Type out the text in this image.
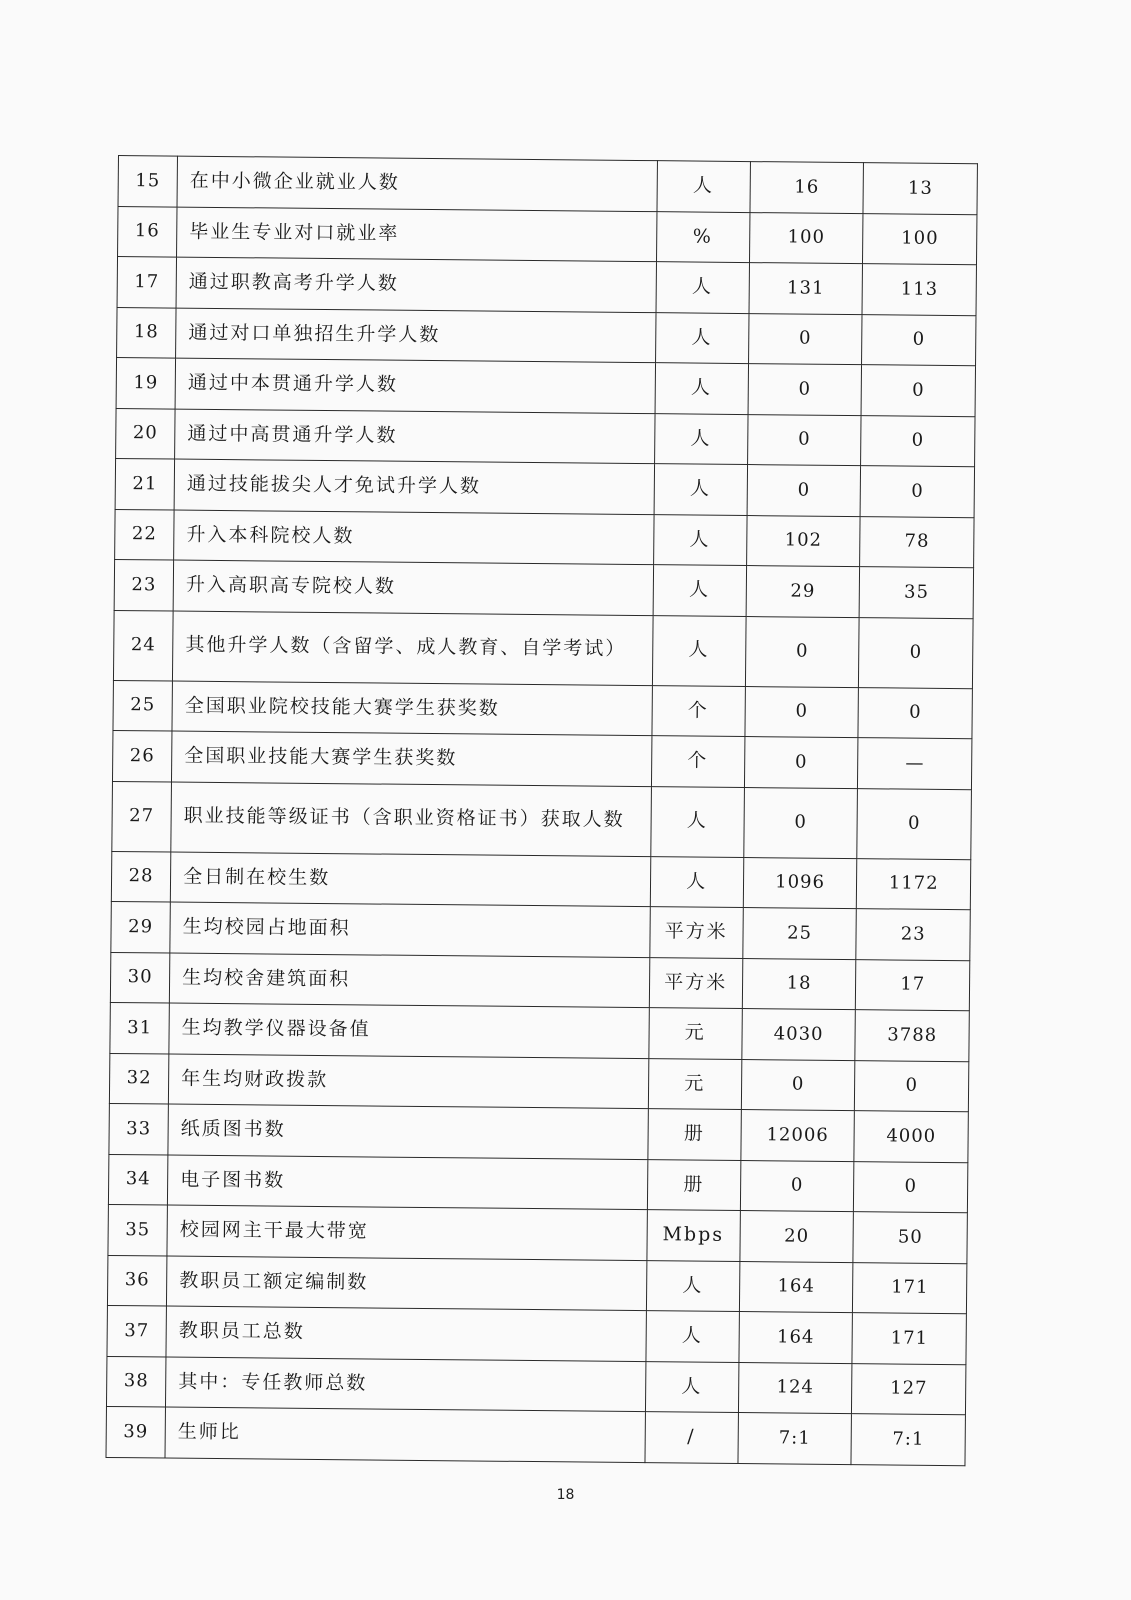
15	在中小微企业就业人数	人	16	13
16	毕业生专业对口就业率	%	100	100
17	通过职教高考升学人数	人	131	113
18	通过对口单独招生升学人数	人	0	0
19	通过中本贯通升学人数	人	0	0
20	通过中高贯通升学人数	人	0	0
21	通过技能拔尖人才免试升学人数	人	0	0
22	升入本科院校人数	人	102	78
23	升入高职高专院校人数	人	29	35
24	其他升学人数（含留学、成人教育、自学考试）	人	0	0
25	全国职业院校技能大赛学生获奖数	个	0	0
26	全国职业技能大赛学生获奖数	个	0	—
27	职业技能等级证书（含职业资格证书）获取人数	人	0	0
28	全日制在校生数	人	1096	1172
29	生均校园占地面积	平方米	25	23
30	生均校舍建筑面积	平方米	18	17
31	生均教学仪器设备值	元	4030	3788
32	年生均财政拨款	元	0	0
33	纸质图书数	册	12006	4000
34	电子图书数	册	0	0
35	校园网主干最大带宽	Mbps	20	50
36	教职员工额定编制数	人	164	171
37	教职员工总数	人	164	171
38	其中：专任教师总数	人	124	127
39	生师比	/	7:1	7:1
18
